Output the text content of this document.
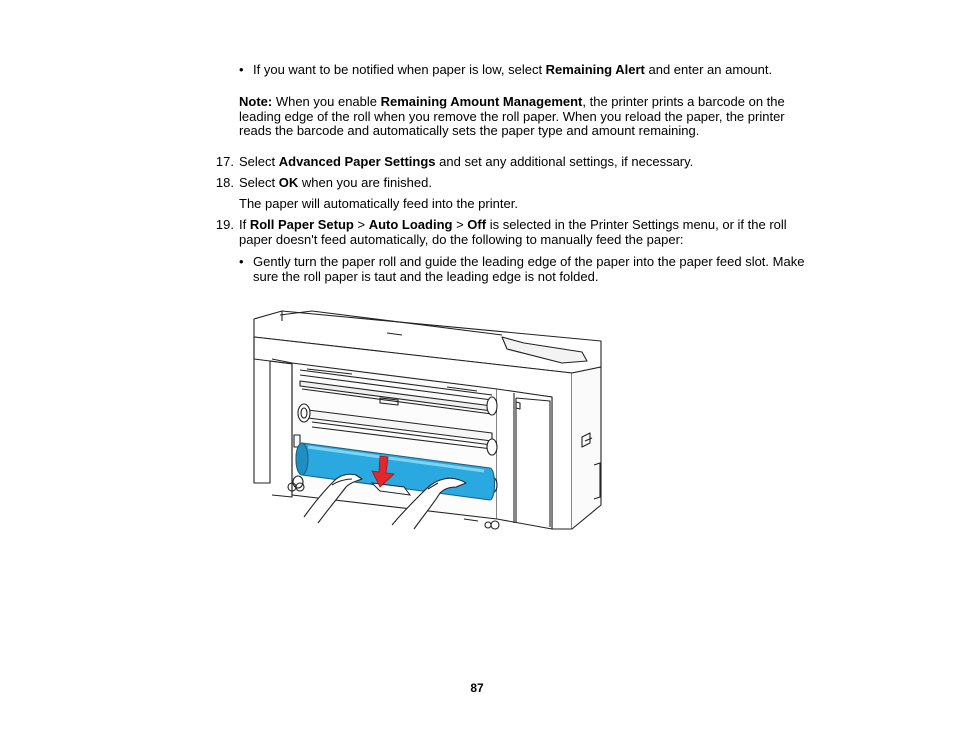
• If you want to be notified when paper is low, select Remaining Alert and enter an amount.
Note: When you enable Remaining Amount Management, the printer prints a barcode on the
leading edge of the roll when you remove the roll paper. When you reload the paper, the printer
reads the barcode and automatically sets the paper type and amount remaining.
17. Select Advanced Paper Settings and set any additional settings, if necessary.
18. Select OK when you are finished.
The paper will automatically feed into the printer.
19. If Roll Paper Setup > Auto Loading > Off is selected in the Printer Settings menu, or if the roll
paper doesn't feed automatically, do the following to manually feed the paper:
• Gently turn the paper roll and guide the leading edge of the paper into the paper feed slot. Make
sure the roll paper is taut and the leading edge is not folded.
87
